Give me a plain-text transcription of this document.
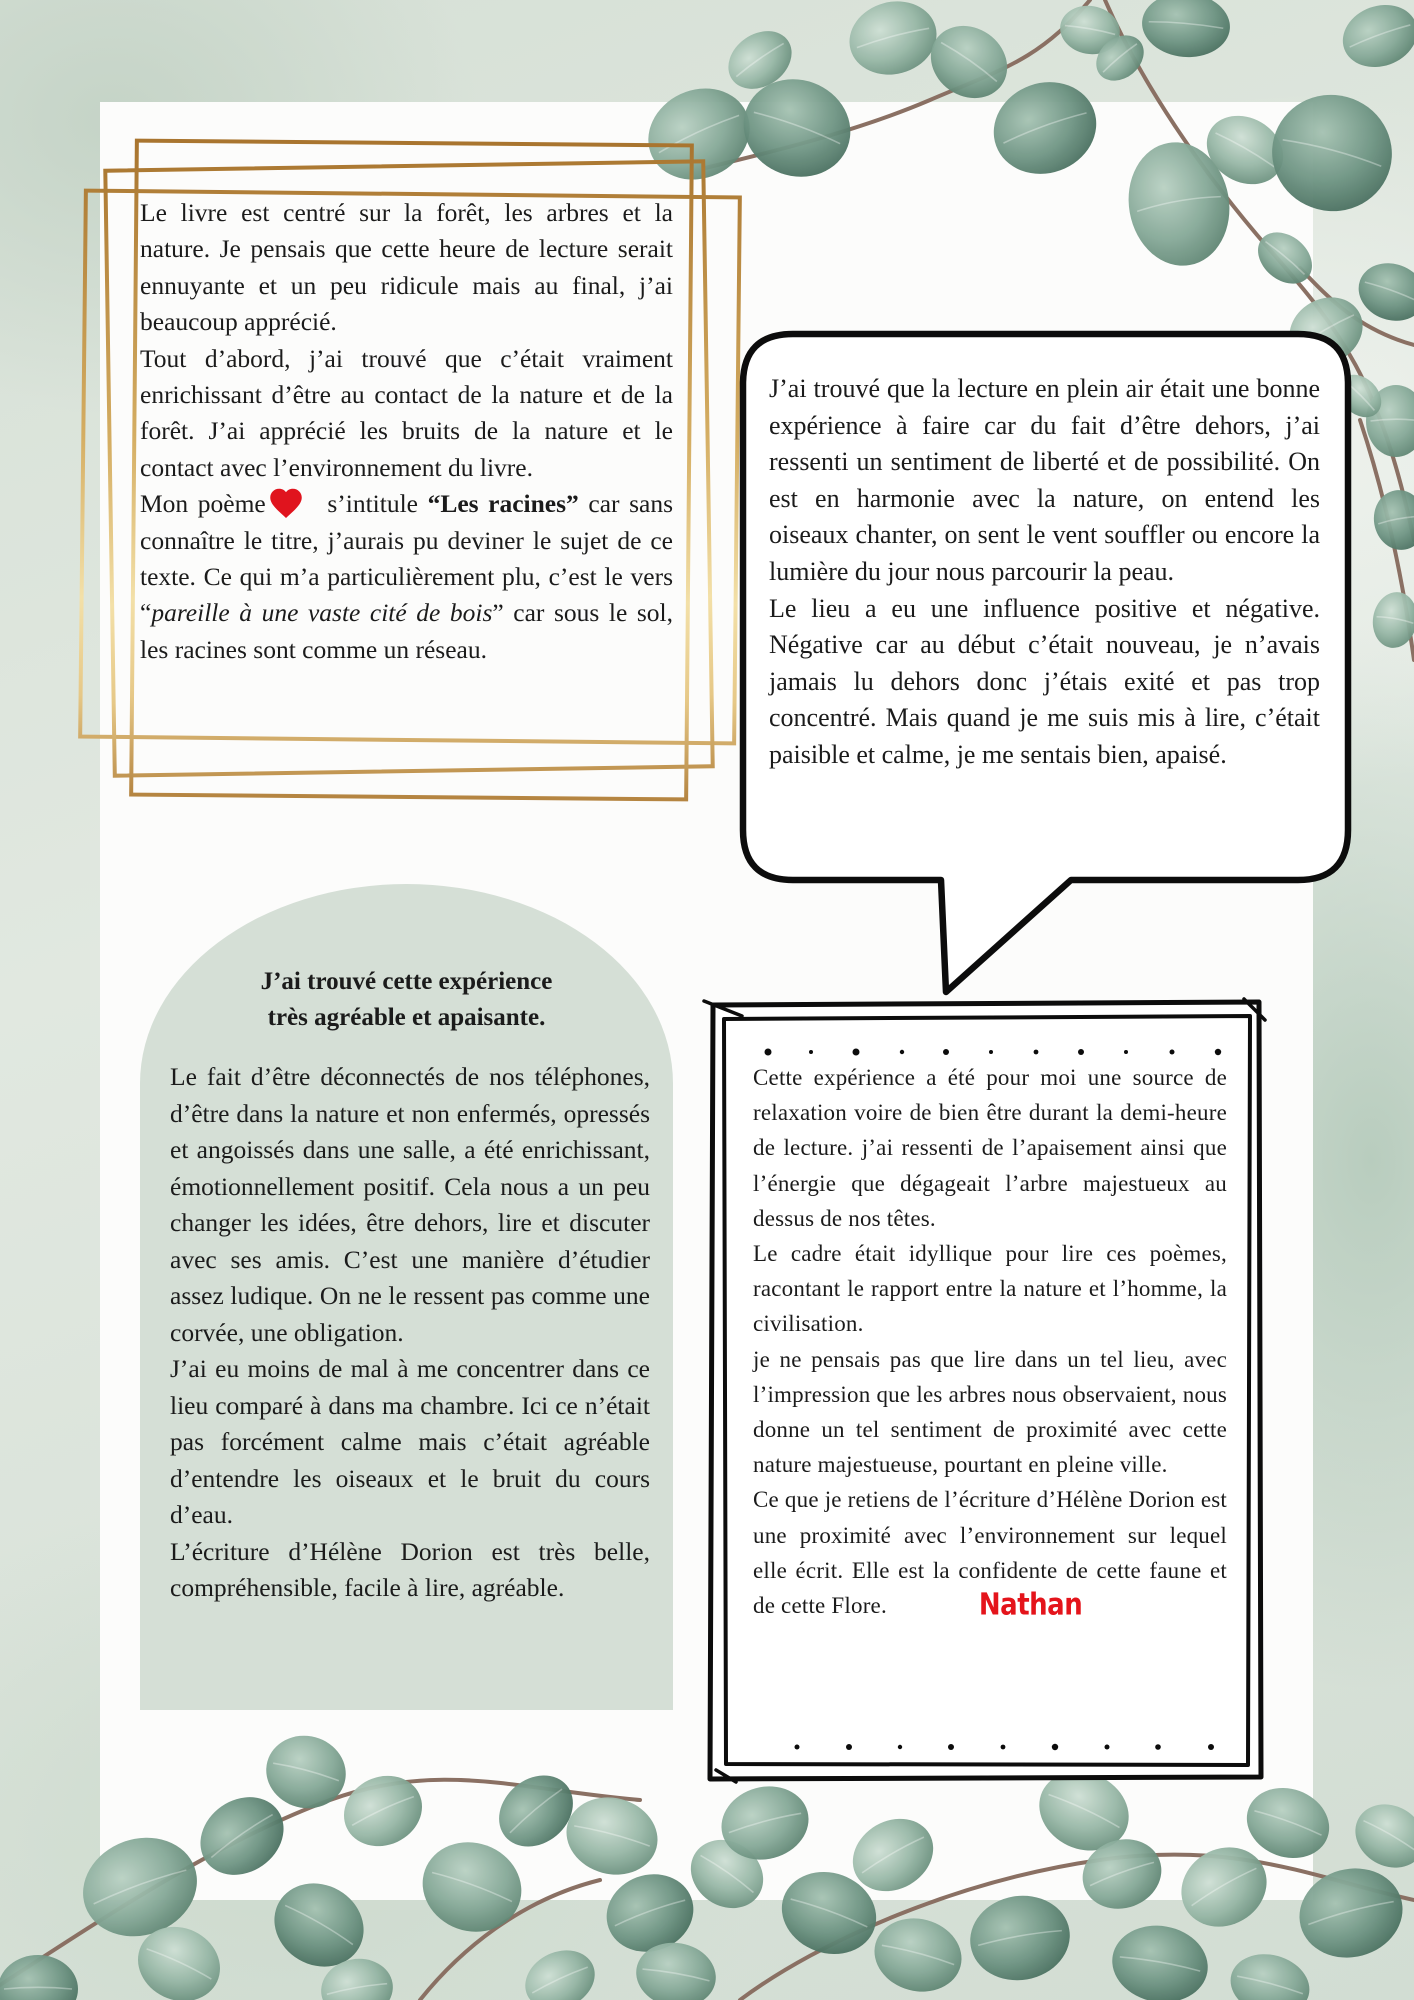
Le livre est centré sur la forêt, les arbres et la nature. Je pensais que cette heure de lecture serait ennuyante et un peu ridicule mais au final, j’ai beaucoup apprécié.

Tout d’abord, j’ai trouvé que c’était vraiment enrichissant d’être au contact de la nature et de la forêt. J’ai apprécié les bruits de la nature et le contact avec l’environnement du livre.

Mon poème s’intitule “Les racines” car sans connaître le titre, j’aurais pu deviner le sujet de ce texte. Ce qui m’a particulièrement plu, c’est le vers “pareille à une vaste cité de bois” car sous le sol, les racines sont comme un réseau.

J’ai trouvé que la lecture en plein air était une bonne expérience à faire car du fait d’être dehors, j’ai ressenti un sentiment de liberté et de possibilité. On est en harmonie avec la nature, on entend les oiseaux chanter, on sent le vent souffler ou encore la lumière du jour nous parcourir la peau.

Le lieu a eu une influence positive et négative. Négative car au début c’était nouveau, je n’avais jamais lu dehors donc j’étais exité et pas trop concentré. Mais quand je me suis mis à lire, c’était paisible et calme, je me sentais bien, apaisé.

J’ai trouvé cette expérience
très agréable et apaisante.

Le fait d’être déconnectés de nos téléphones, d’être dans la nature et non enfermés, opressés et angoissés dans une salle, a été enrichissant, émotionnellement positif. Cela nous a un peu changer les idées, être dehors, lire et discuter avec ses amis. C’est une manière d’étudier assez ludique. On ne le ressent pas comme une corvée, une obligation.

J’ai eu moins de mal à me concentrer dans ce lieu comparé à dans ma chambre. Ici ce n’était pas forcément calme mais c’était agréable d’entendre les oiseaux et le bruit du cours d’eau.

L’écriture d’Hélène Dorion est très belle, compréhensible, facile à lire, agréable.

Cette expérience a été pour moi une source de relaxation voire de bien être durant la demi-heure de lecture. j’ai ressenti de l’apaisement ainsi que l’énergie que dégageait l’arbre majestueux au dessus de nos têtes.

Le cadre était idyllique pour lire ces poèmes, racontant le rapport entre la nature et l’homme, la civilisation.

je ne pensais pas que lire dans un tel lieu, avec l’impression que les arbres nous observaient, nous donne un tel sentiment de proximité avec cette nature majestueuse, pourtant en pleine ville.

Ce que je retiens de l’écriture d’Hélène Dorion est une proximité avec l’environnement sur lequel elle écrit. Elle est la confidente de cette faune et de cette Flore.	Nathan
